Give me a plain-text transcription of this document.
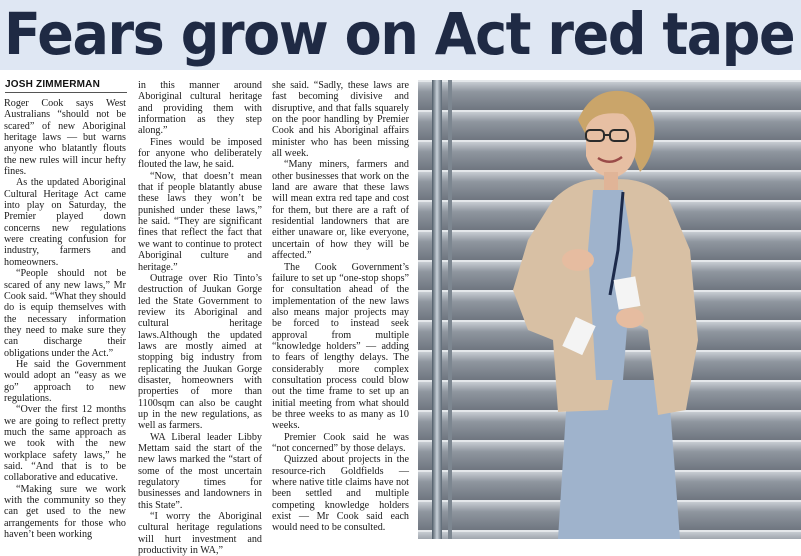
Fears grow on Act red tape
JOSH ZIMMERMAN

Roger Cook says West Australians “should not be scared” of new Aboriginal heritage laws — but warns anyone who blatantly flouts the new rules will incur hefty fines.

As the updated Aboriginal Cultural Heritage Act came into play on Saturday, the Premier played down concerns new regulations were creating confusion for industry, farmers and homeowners.

“People should not be scared of any new laws,” Mr Cook said. “What they should do is equip themselves with the necessary information they need to make sure they can discharge their obligations under the Act.”

He said the Government would adopt an “easy as we go” approach to new regulations.

“Over the first 12 months we are going to reflect pretty much the same approach as we took with the new workplace safety laws,” he said. “And that is to be collaborative and educative.

“Making sure we work with the community so they can get used to the new arrangements for those who haven’t been working

in this manner around Aboriginal cultural heritage and providing them with information as they step along.”

Fines would be imposed for anyone who deliberately flouted the law, he said.

“Now, that doesn’t mean that if people blatantly abuse these laws they won’t be punished under these laws,” he said. “They are significant fines that reflect the fact that we want to continue to protect Aboriginal culture and heritage.”

Outrage over Rio Tinto’s destruction of Juukan Gorge led the State Government to review its Aboriginal and cultural heritage laws.Although the updated laws are mostly aimed at stopping big industry from replicating the Juukan Gorge disaster, homeowners with properties of more than 1100sqm can also be caught up in the new regulations, as well as farmers.

WA Liberal leader Libby Mettam said the start of the new laws marked the “start of some of the most uncertain regulatory times for businesses and landowners in this State”.

“I worry the Aboriginal cultural heritage regulations will hurt investment and productivity in WA,”

she said. “Sadly, these laws are fast becoming divisive and disruptive, and that falls squarely on the poor handling by Premier Cook and his Aboriginal affairs minister who has been missing all week.

“Many miners, farmers and other businesses that work on the land are aware that these laws will mean extra red tape and cost for them, but there are a raft of residential landowners that are either unaware or, like everyone, uncertain of how they will be affected.”

The Cook Government’s failure to set up “one-stop shops” for consultation ahead of the implementation of the new laws also means major projects may be forced to instead seek approval from multiple “knowledge holders” — adding to fears of lengthy delays. The considerably more complex consultation process could blow out the time frame to set up an initial meeting from what should be three weeks to as many as 10 weeks.

Premier Cook said he was “not concerned” by those delays.

Quizzed about projects in the resource-rich Goldfields — where native title claims have not been settled and multiple competing knowledge holders exist — Mr Cook said each would need to be consulted.
